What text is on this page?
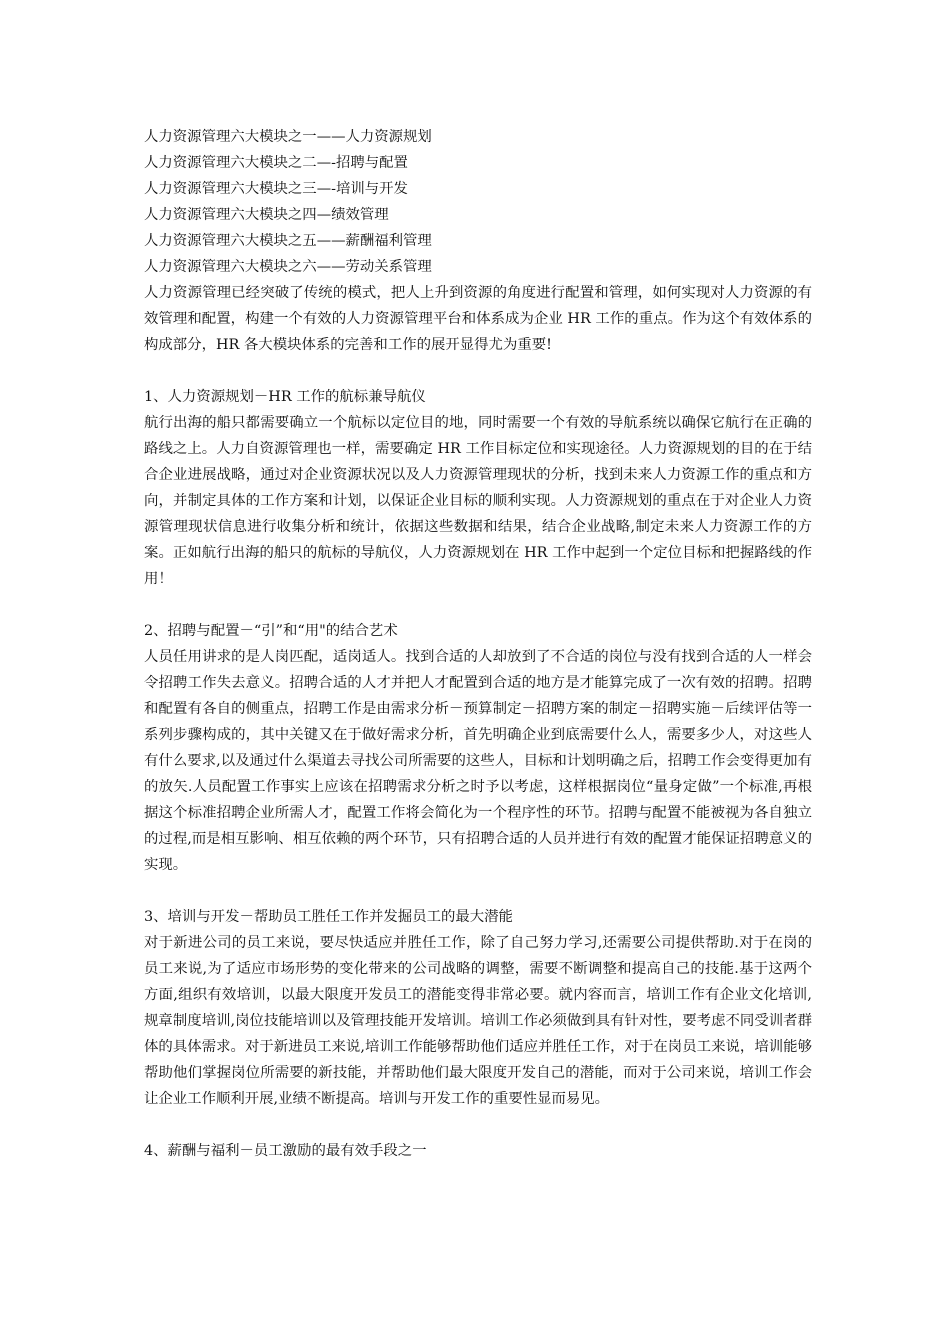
人力资源管理六大模块之一——人力资源规划
人力资源管理六大模块之二—-招聘与配置
人力资源管理六大模块之三—-培训与开发
人力资源管理六大模块之四—绩效管理
人力资源管理六大模块之五——薪酬福利管理
人力资源管理六大模块之六——劳动关系管理

人力资源管理已经突破了传统的模式，把人上升到资源的角度进行配置和管理，如何实现对人力资源的有效管理和配置，构建一个有效的人力资源管理平台和体系成为企业 HR 工作的重点。作为这个有效体系的构成部分，HR 各大模块体系的完善和工作的展开显得尤为重要!

1、人力资源规划－HR 工作的航标兼导航仪

航行出海的船只都需要确立一个航标以定位目的地，同时需要一个有效的导航系统以确保它航行在正确的路线之上。人力自资源管理也一样，需要确定 HR 工作目标定位和实现途径。人力资源规划的目的在于结合企业进展战略，通过对企业资源状况以及人力资源管理现状的分析，找到未来人力资源工作的重点和方向，并制定具体的工作方案和计划，以保证企业目标的顺利实现。人力资源规划的重点在于对企业人力资源管理现状信息进行收集分析和统计，依据这些数据和结果，结合企业战略,制定未来人力资源工作的方案。正如航行出海的船只的航标的导航仪，人力资源规划在 HR 工作中起到一个定位目标和把握路线的作用！

2、招聘与配置－“引”和“用"的结合艺术

人员任用讲求的是人岗匹配，适岗适人。找到合适的人却放到了不合适的岗位与没有找到合适的人一样会令招聘工作失去意义。招聘合适的人才并把人才配置到合适的地方是才能算完成了一次有效的招聘。招聘和配置有各自的侧重点，招聘工作是由需求分析－预算制定－招聘方案的制定－招聘实施－后续评估等一系列步骤构成的，其中关键又在于做好需求分析，首先明确企业到底需要什么人，需要多少人，对这些人有什么要求,以及通过什么渠道去寻找公司所需要的这些人，目标和计划明确之后，招聘工作会变得更加有的放矢.人员配置工作事实上应该在招聘需求分析之时予以考虑，这样根据岗位“量身定做”一个标准,再根据这个标准招聘企业所需人才，配置工作将会简化为一个程序性的环节。招聘与配置不能被视为各自独立的过程,而是相互影响、相互依赖的两个环节，只有招聘合适的人员并进行有效的配置才能保证招聘意义的实现。

3、培训与开发－帮助员工胜任工作并发掘员工的最大潜能

对于新进公司的员工来说，要尽快适应并胜任工作，除了自己努力学习,还需要公司提供帮助.对于在岗的员工来说,为了适应市场形势的变化带来的公司战略的调整，需要不断调整和提高自己的技能.基于这两个方面,组织有效培训，以最大限度开发员工的潜能变得非常必要。就内容而言，培训工作有企业文化培训,规章制度培训,岗位技能培训以及管理技能开发培训。培训工作必须做到具有针对性，要考虑不同受训者群体的具体需求。对于新进员工来说,培训工作能够帮助他们适应并胜任工作，对于在岗员工来说，培训能够帮助他们掌握岗位所需要的新技能，并帮助他们最大限度开发自己的潜能，而对于公司来说，培训工作会让企业工作顺利开展,业绩不断提高。培训与开发工作的重要性显而易见。

4、薪酬与福利－员工激励的最有效手段之一
